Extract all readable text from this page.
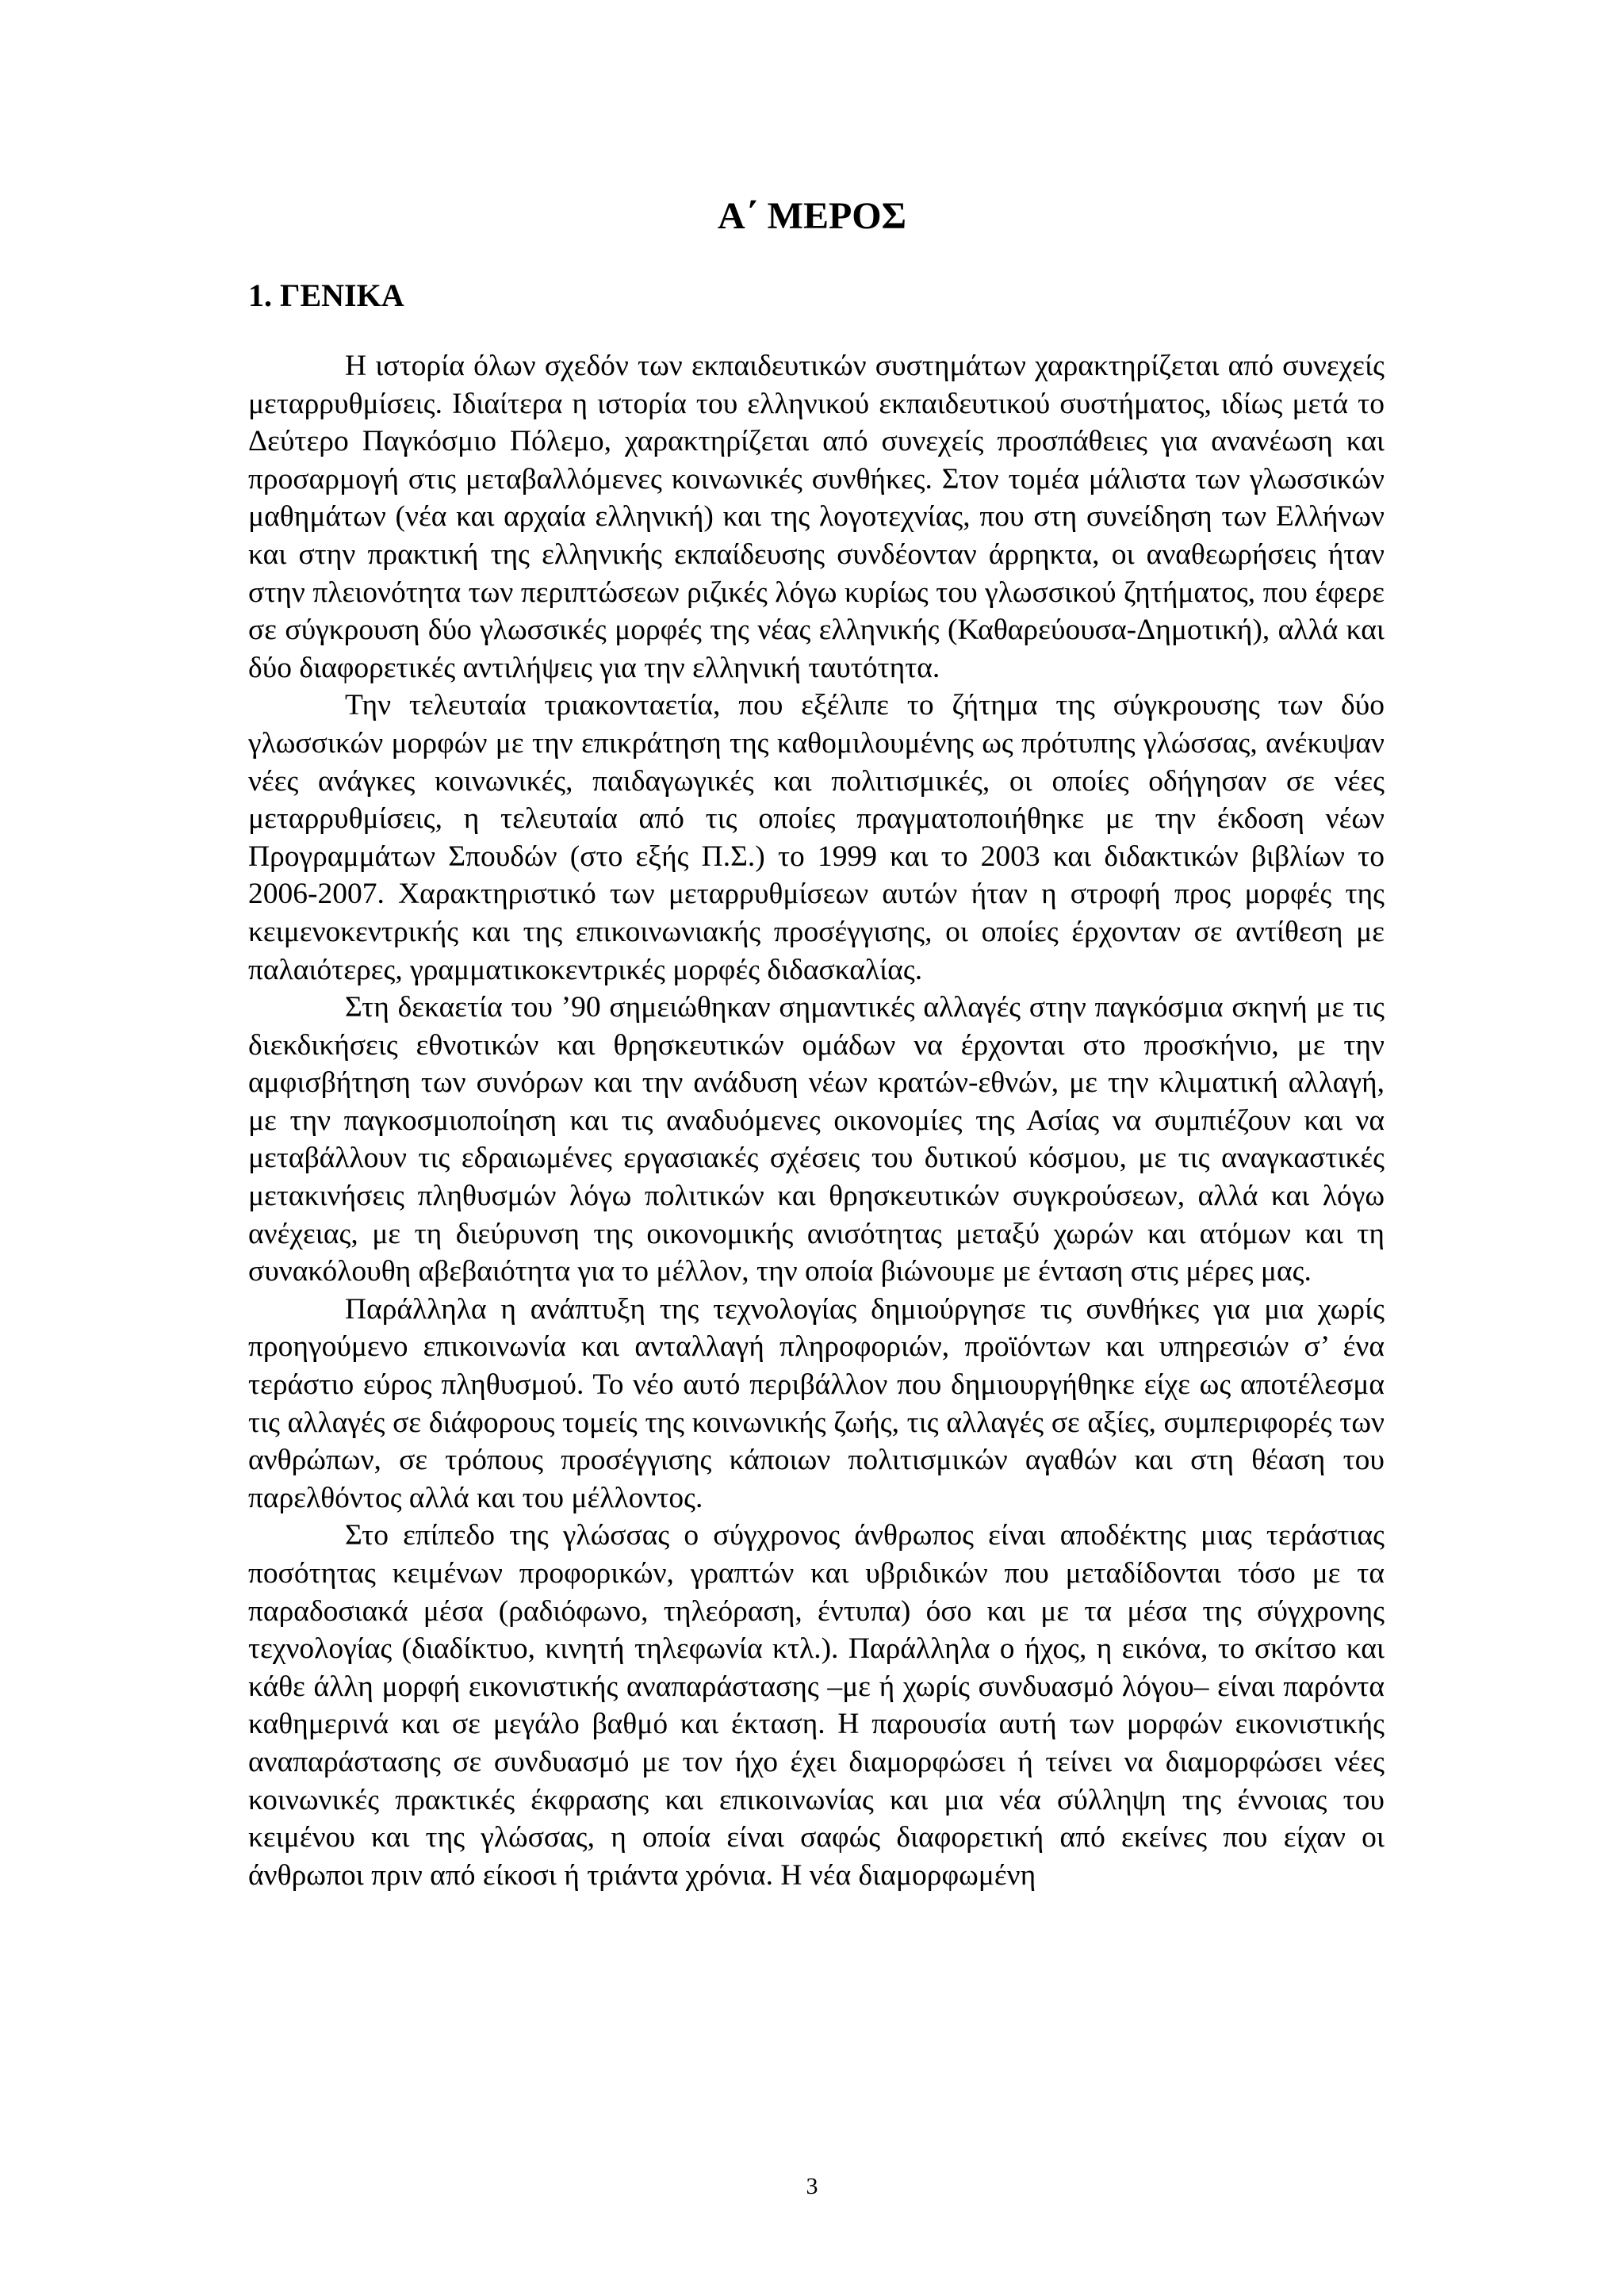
Α΄ ΜΕΡΟΣ
1. ΓΕΝΙΚΑ

Η ιστορία όλων σχεδόν των εκπαιδευτικών συστημάτων χαρακτηρίζεται από συνεχείς μεταρρυθμίσεις. Ιδιαίτερα η ιστορία του ελληνικού εκπαιδευτικού συστήματος, ιδίως μετά το Δεύτερο Παγκόσμιο Πόλεμο, χαρακτηρίζεται από συνεχείς προσπάθειες για ανανέωση και προσαρμογή στις μεταβαλλόμενες κοινωνικές συνθήκες. Στον τομέα μάλιστα των γλωσσικών μαθημάτων (νέα και αρχαία ελληνική) και της λογοτεχνίας, που στη συνείδηση των Ελλήνων και στην πρακτική της ελληνικής εκπαίδευσης συνδέονταν άρρηκτα, οι αναθεωρήσεις ήταν στην πλειονότητα των περιπτώσεων ριζικές λόγω κυρίως του γλωσσικού ζητήματος, που έφερε σε σύγκρουση δύο γλωσσικές μορφές της νέας ελληνικής (Καθαρεύουσα-Δημοτική), αλλά και δύο διαφορετικές αντιλήψεις για την ελληνική ταυτότητα.

Την τελευταία τριακονταετία, που εξέλιπε το ζήτημα της σύγκρουσης των δύο γλωσσικών μορφών με την επικράτηση της καθομιλουμένης ως πρότυπης γλώσσας, ανέκυψαν νέες ανάγκες κοινωνικές, παιδαγωγικές και πολιτισμικές, οι οποίες οδήγησαν σε νέες μεταρρυθμίσεις, η τελευταία από τις οποίες πραγματοποιήθηκε με την έκδοση νέων Προγραμμάτων Σπουδών (στο εξής Π.Σ.) το 1999 και το 2003 και διδακτικών βιβλίων το 2006-2007. Χαρακτηριστικό των μεταρρυθμίσεων αυτών ήταν η στροφή προς μορφές της κειμενοκεντρικής και της επικοινωνιακής προσέγγισης, οι οποίες έρχονταν σε αντίθεση με παλαιότερες, γραμματικοκεντρικές μορφές διδασκαλίας.

Στη δεκαετία του ’90 σημειώθηκαν σημαντικές αλλαγές στην παγκόσμια σκηνή με τις διεκδικήσεις εθνοτικών και θρησκευτικών ομάδων να έρχονται στο προσκήνιο, με την αμφισβήτηση των συνόρων και την ανάδυση νέων κρατών-εθνών, με την κλιματική αλλαγή, με την παγκοσμιοποίηση και τις αναδυόμενες οικονομίες της Ασίας να συμπιέζουν και να μεταβάλλουν τις εδραιωμένες εργασιακές σχέσεις του δυτικού κόσμου, με τις αναγκαστικές μετακινήσεις πληθυσμών λόγω πολιτικών και θρησκευτικών συγκρούσεων, αλλά και λόγω ανέχειας, με τη διεύρυνση της οικονομικής ανισότητας μεταξύ χωρών και ατόμων και τη συνακόλουθη αβεβαιότητα για το μέλλον, την οποία βιώνουμε με ένταση στις μέρες μας.

Παράλληλα η ανάπτυξη της τεχνολογίας δημιούργησε τις συνθήκες για μια χωρίς προηγούμενο επικοινωνία και ανταλλαγή πληροφοριών, προϊόντων και υπηρεσιών σ’ ένα τεράστιο εύρος πληθυσμού. Το νέο αυτό περιβάλλον που δημιουργήθηκε είχε ως αποτέλεσμα τις αλλαγές σε διάφορους τομείς της κοινωνικής ζωής, τις αλλαγές σε αξίες, συμπεριφορές των ανθρώπων, σε τρόπους προσέγγισης κάποιων πολιτισμικών αγαθών και στη θέαση του παρελθόντος αλλά και του μέλλοντος.

Στο επίπεδο της γλώσσας ο σύγχρονος άνθρωπος είναι αποδέκτης μιας τεράστιας ποσότητας κειμένων προφορικών, γραπτών και υβριδικών που μεταδίδονται τόσο με τα παραδοσιακά μέσα (ραδιόφωνο, τηλεόραση, έντυπα) όσο και με τα μέσα της σύγχρονης τεχνολογίας (διαδίκτυο, κινητή τηλεφωνία κτλ.). Παράλληλα ο ήχος, η εικόνα, το σκίτσο και κάθε άλλη μορφή εικονιστικής αναπαράστασης –με ή χωρίς συνδυασμό λόγου– είναι παρόντα καθημερινά και σε μεγάλο βαθμό και έκταση. Η παρουσία αυτή των μορφών εικονιστικής αναπαράστασης σε συνδυασμό με τον ήχο έχει διαμορφώσει ή τείνει να διαμορφώσει νέες κοινωνικές πρακτικές έκφρασης και επικοινωνίας και μια νέα σύλληψη της έννοιας του κειμένου και της γλώσσας, η οποία είναι σαφώς διαφορετική από εκείνες που είχαν οι άνθρωποι πριν από είκοσι ή τριάντα χρόνια. Η νέα διαμορφωμένη

3
